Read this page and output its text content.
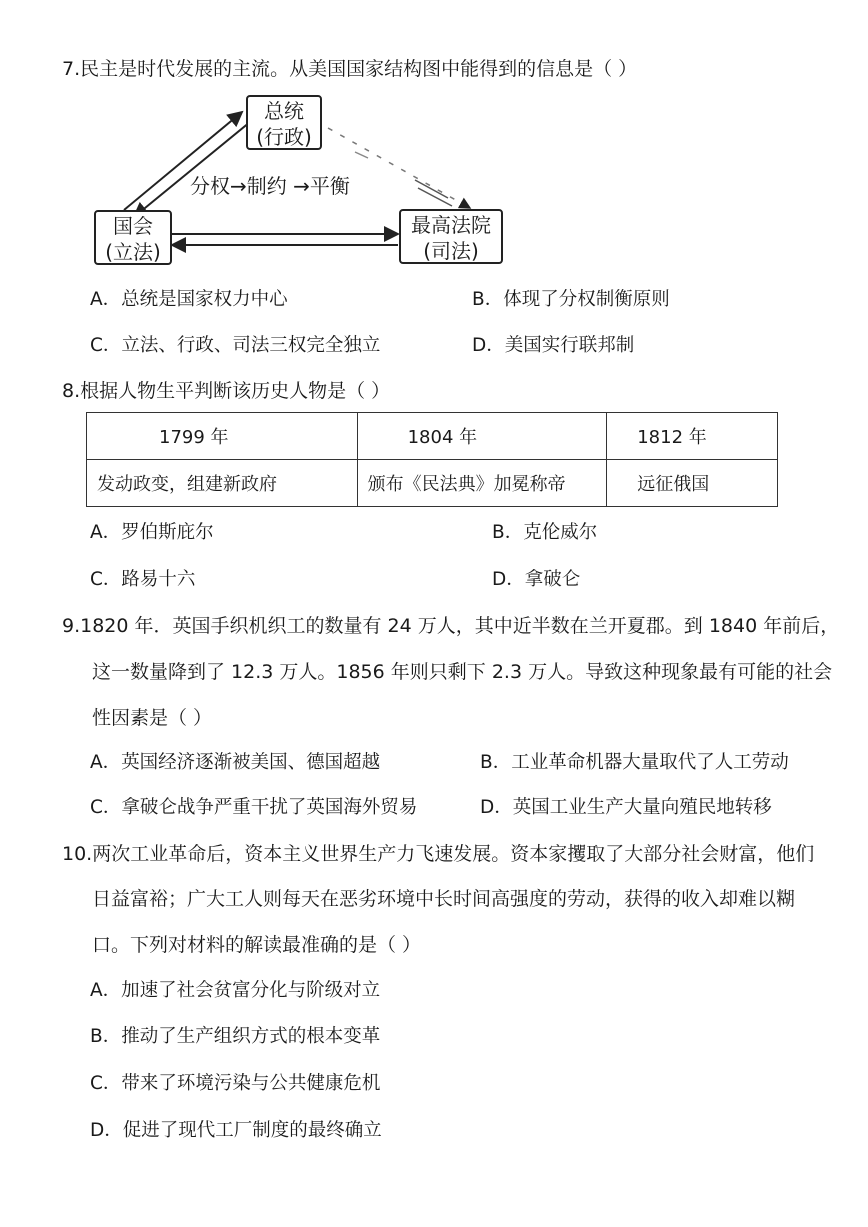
7.民主是时代发展的主流。从美国国家结构图中能得到的信息是（ ）
总统
(行政)
国会
(立法)
最高法院
(司法)
分权→制约 →平衡
A．总统是国家权力中心	B．体现了分权制衡原则
C．立法、行政、司法三权完全独立	D．美国实行联邦制
8.根据人物生平判断该历史人物是（ ）
1799 年	1804 年	1812 年
发动政变，组建新政府	颁布《民法典》加冕称帝	远征俄国
A．罗伯斯庇尔	B．克伦威尔
C．路易十六	D．拿破仑
9.1820 年．英国手织机织工的数量有 24 万人，其中近半数在兰开夏郡。到 1840 年前后，
这一数量降到了 12.3 万人。1856 年则只剩下 2.3 万人。导致这种现象最有可能的社会
性因素是（ ）
A．英国经济逐渐被美国、德国超越	B．工业革命机器大量取代了人工劳动
C．拿破仑战争严重干扰了英国海外贸易	D．英国工业生产大量向殖民地转移
10.两次工业革命后，资本主义世界生产力飞速发展。资本家攫取了大部分社会财富，他们
日益富裕；广大工人则每天在恶劣环境中长时间高强度的劳动，获得的收入却难以糊
口。下列对材料的解读最准确的是（ ）
A．加速了社会贫富分化与阶级对立
B．推动了生产组织方式的根本变革
C．带来了环境污染与公共健康危机
D．促进了现代工厂制度的最终确立
